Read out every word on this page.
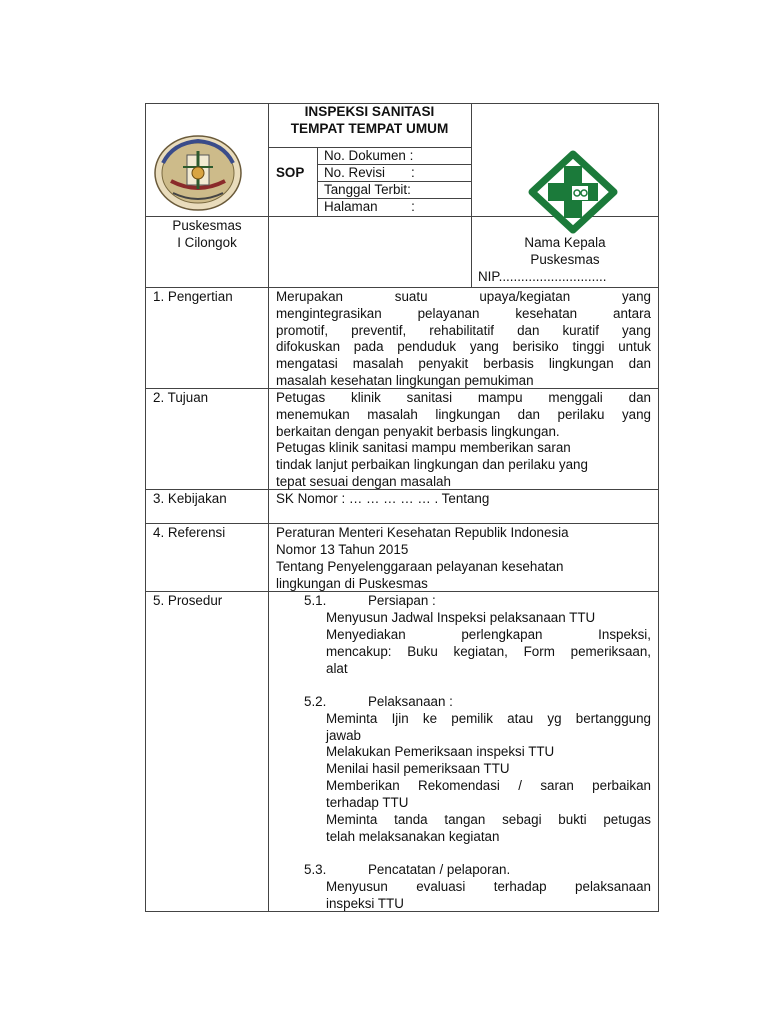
INSPEKSI SANITASI
TEMPAT TEMPAT UMUM
SOP
No. Dokumen :
No. Revisi       :
Tanggal Terbit:
Halaman         :
Puskesmas
I Cilongok	Nama Kepala
Puskesmas
NIP.............................
1. Pengertian	Merupakan suatu upaya/kegiatan yang
mengintegrasikan pelayanan kesehatan antara
promotif, preventif, rehabilitatif dan kuratif yang
difokuskan pada penduduk yang berisiko tinggi untuk
mengatasi masalah penyakit berbasis lingkungan dan
masalah kesehatan lingkungan pemukiman
2. Tujuan	Petugas klinik sanitasi mampu menggali dan
menemukan masalah lingkungan dan perilaku yang
berkaitan dengan penyakit berbasis lingkungan.
Petugas klinik sanitasi mampu memberikan saran
tindak lanjut perbaikan lingkungan dan perilaku yang
tepat sesuai dengan masalah
3. Kebijakan	SK Nomor : … … … … … . Tentang
4. Referensi	Peraturan Menteri Kesehatan Republik Indonesia
Nomor 13 Tahun 2015
Tentang Penyelenggaraan pelayanan kesehatan
lingkungan di Puskesmas
5. Prosedur	5.1.	Persiapan :
Menyusun Jadwal Inspeksi pelaksanaan TTU
Menyediakan perlengkapan Inspeksi,
mencakup: Buku kegiatan, Form pemeriksaan,
alat
5.2.	Pelaksanaan :
Meminta Ijin ke pemilik atau yg bertanggung
jawab
Melakukan Pemeriksaan inspeksi TTU
Menilai hasil pemeriksaan TTU
Memberikan Rekomendasi / saran perbaikan
terhadap TTU
Meminta tanda tangan sebagi bukti petugas
telah melaksanakan kegiatan
5.3.	Pencatatan / pelaporan.
Menyusun evaluasi terhadap pelaksanaan
inspeksi TTU
